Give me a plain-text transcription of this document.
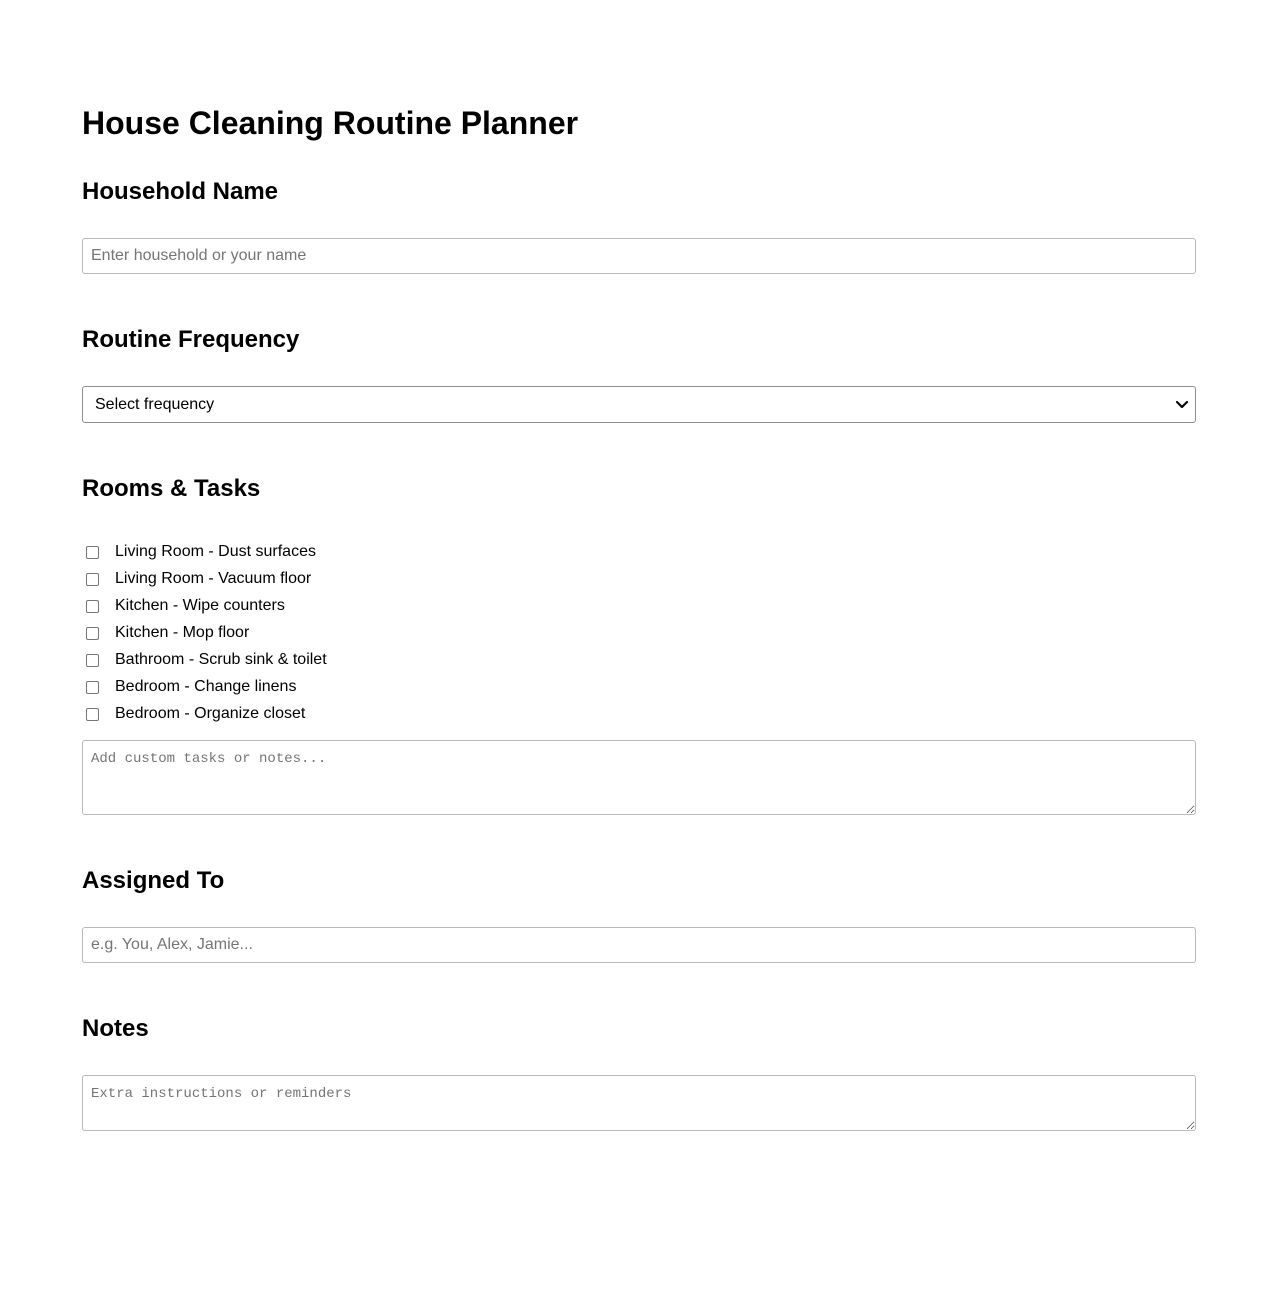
House Cleaning Routine Planner
Household Name
Enter household or your name
Routine Frequency
Select frequency
Rooms & Tasks
Living Room - Dust surfaces
Living Room - Vacuum floor
Kitchen - Wipe counters
Kitchen - Mop floor
Bathroom - Scrub sink & toilet
Bedroom - Change linens
Bedroom - Organize closet
Add custom tasks or notes...
Assigned To
e.g. You, Alex, Jamie...
Notes
Extra instructions or reminders
